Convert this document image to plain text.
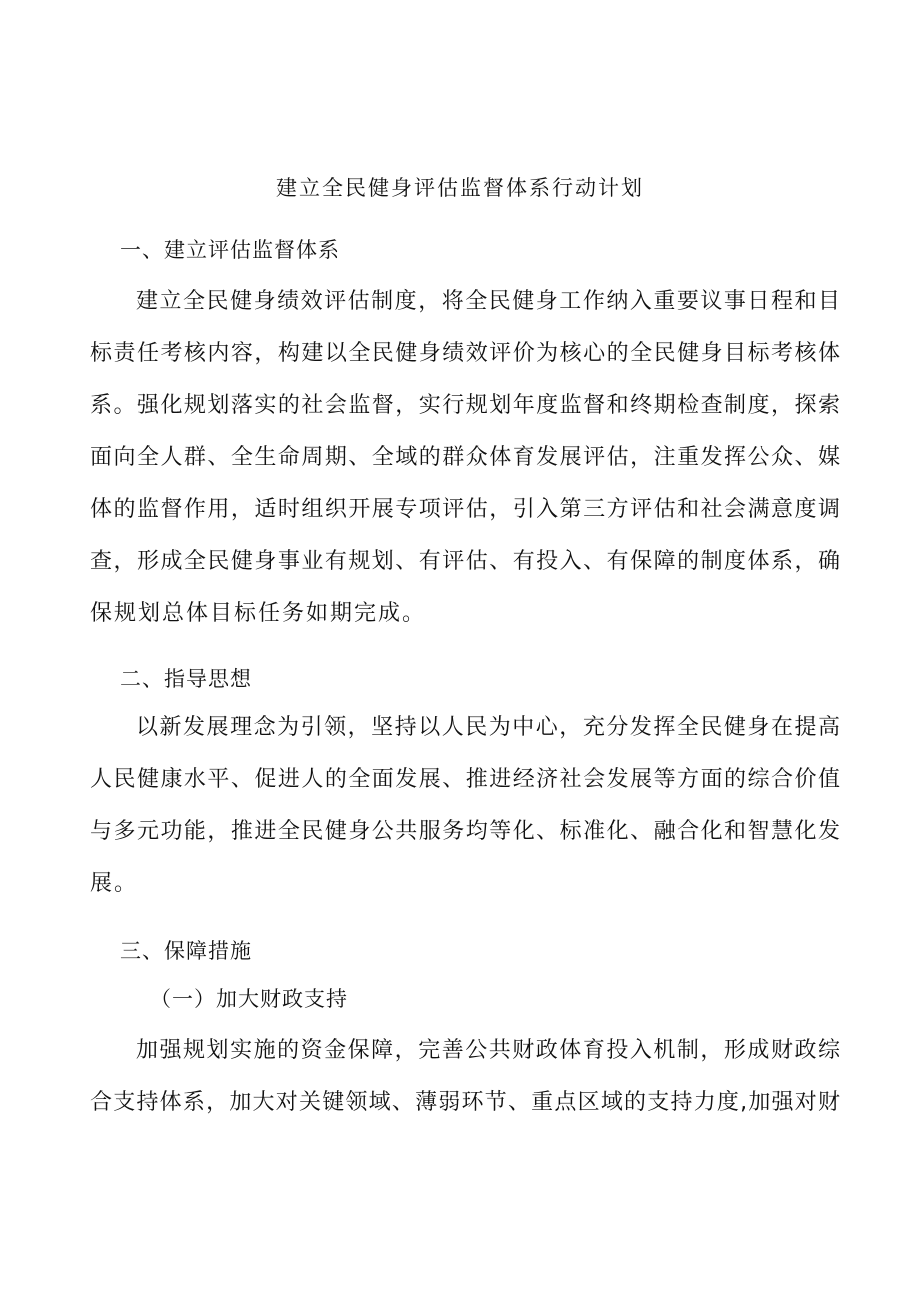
建立全民健身评估监督体系行动计划
一、建立评估监督体系
建立全民健身绩效评估制度，将全民健身工作纳入重要议事日程和目
标责任考核内容，构建以全民健身绩效评价为核心的全民健身目标考核体
系。强化规划落实的社会监督，实行规划年度监督和终期检查制度，探索
面向全人群、全生命周期、全域的群众体育发展评估，注重发挥公众、媒
体的监督作用，适时组织开展专项评估，引入第三方评估和社会满意度调
查，形成全民健身事业有规划、有评估、有投入、有保障的制度体系，确
保规划总体目标任务如期完成。
二、指导思想
以新发展理念为引领，坚持以人民为中心，充分发挥全民健身在提高
人民健康水平、促进人的全面发展、推进经济社会发展等方面的综合价值
与多元功能，推进全民健身公共服务均等化、标准化、融合化和智慧化发
展。
三、保障措施
（一）加大财政支持
加强规划实施的资金保障，完善公共财政体育投入机制，形成财政综
合支持体系，加大对关键领域、薄弱环节、重点区域的支持力度,加强对财
